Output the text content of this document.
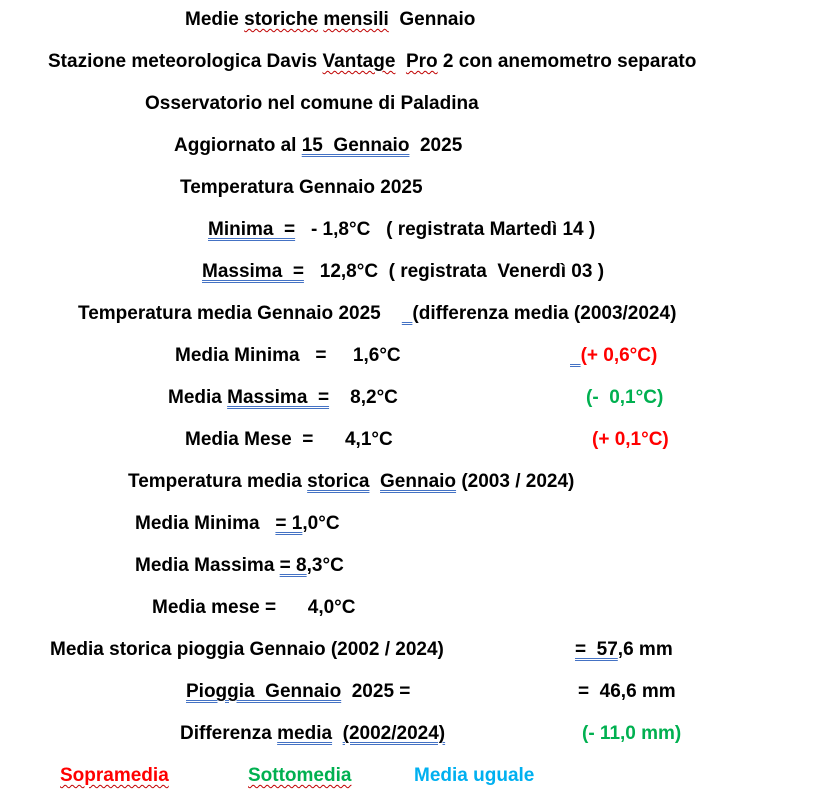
Medie storiche mensili  Gennaio
Stazione meteorologica Davis Vantage Pro 2 con anemometro separato
Osservatorio nel comune di Paladina
Aggiornato al 15  Gennaio  2025
Temperatura Gennaio 2025
Minima  =   - 1,8°C   ( registrata Martedì 14 )
Massima  =   12,8°C  ( registrata  Venerdì 03 )
Temperatura media Gennaio 2025      (differenza media (2003/2024)
Media Minima   =     1,6°C	(+ 0,6°C)
Media Massima  =    8,2°C	(-  0,1°C)
Media Mese  =      4,1°C	(+ 0,1°C)
Temperatura media storica Gennaio (2003 / 2024)
Media Minima   = 1,0°C
Media Massima = 8,3°C
Media mese =      4,0°C
Media storica pioggia Gennaio (2002 / 2024)	=  57,6 mm
Pioggia  Gennaio  2025 =	=  46,6 mm
Differenza media (2002/2024)	(- 11,0 mm)
Sopramedia	Sottomedia	Media uguale
